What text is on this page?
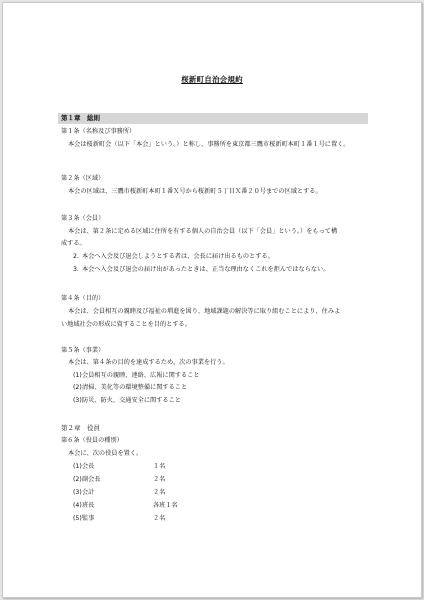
桜新町自治会規約
第１章　総則
第１条（名称及び事務所）
本会は桜新町会（以下「本会」という。）と称し、事務所を東京都三鷹市桜新町本町１番１号に置く。
第２条（区域）
本会の区域は、三鷹市桜新町本町１番Ｘ号から桜新町５丁目Ｘ番２０号までの区域とする。
第３条（会員）
本会は、第２条に定める区域に住所を有する個人の自治会員（以下「会員」という。）をもって構
成する。
2. 本会へ入会及び退会しようとする者は、会長に届け出るものとする。
3. 本会へ入会及び退会の届け出があったときは、正当な理由なくこれを拒んではならない。
第４条（目的）
本会は、会員相互の親睦及び福祉の増進を図り、地域課題の解決等に取り組むことにより、住みよ
い地域社会の形成に資することを目的とする。
第５条（事業）
本会は、第４条の目的を達成するため、次の事業を行う。
(1) 会員相互の親睦、連絡、広報に関すること
(2) 清掃、美化等の環境整備に関すること
(3) 防災、防火、交通安全に関すること
第２章　役員
第６条（役員の種別）
本会に、次の役員を置く。
(1) 会長	１名
(2) 副会長	２名
(3) 会計	２名
(4) 班長	各班１名
(5) 監事	２名
